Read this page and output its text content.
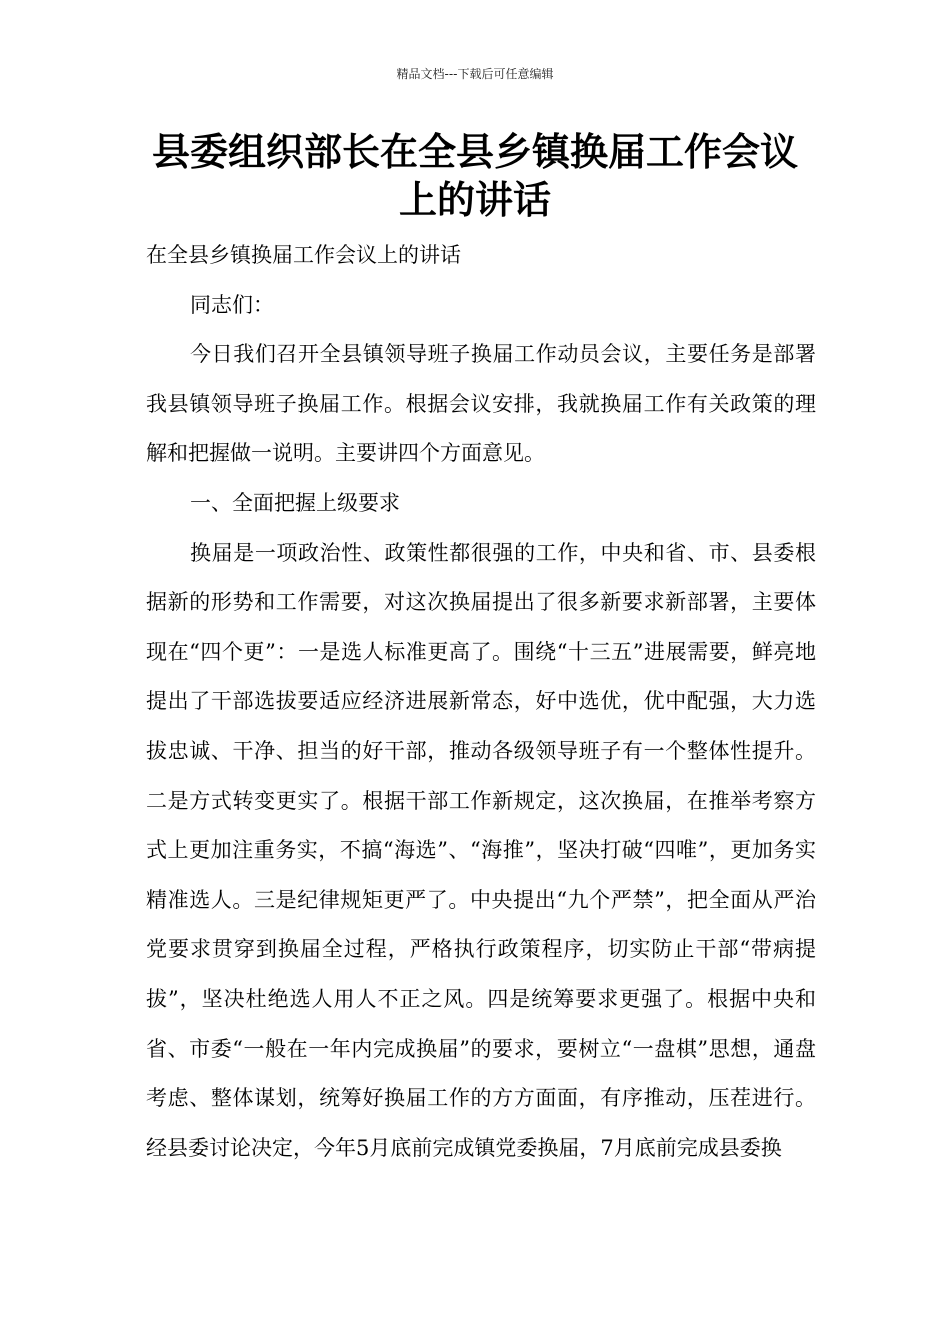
精品文档---下载后可任意编辑
县委组织部长在全县乡镇换届工作会议上的讲话

在全县乡镇换届工作会议上的讲话

同志们：

今日我们召开全县镇领导班子换届工作动员会议，主要任务是部署我县镇领导班子换届工作。根据会议安排，我就换届工作有关政策的理解和把握做一说明。主要讲四个方面意见。

一、全面把握上级要求

换届是一项政治性、政策性都很强的工作，中央和省、市、县委根据新的形势和工作需要，对这次换届提出了很多新要求新部署，主要体现在“四个更”：一是选人标准更高了。围绕“十三五”进展需要，鲜亮地提出了干部选拔要适应经济进展新常态，好中选优，优中配强，大力选拔忠诚、干净、担当的好干部，推动各级领导班子有一个整体性提升。二是方式转变更实了。根据干部工作新规定，这次换届，在推举考察方式上更加注重务实，不搞“海选”、“海推”，坚决打破“四唯”，更加务实精准选人。三是纪律规矩更严了。中央提出“九个严禁”，把全面从严治党要求贯穿到换届全过程，严格执行政策程序，切实防止干部“带病提拔”，坚决杜绝选人用人不正之风。四是统筹要求更强了。根据中央和省、市委“一般在一年内完成换届”的要求，要树立“一盘棋”思想，通盘考虑、整体谋划，统筹好换届工作的方方面面，有序推动，压茬进行。经县委讨论决定，今年5月底前完成镇党委换届，7月底前完成县委换
